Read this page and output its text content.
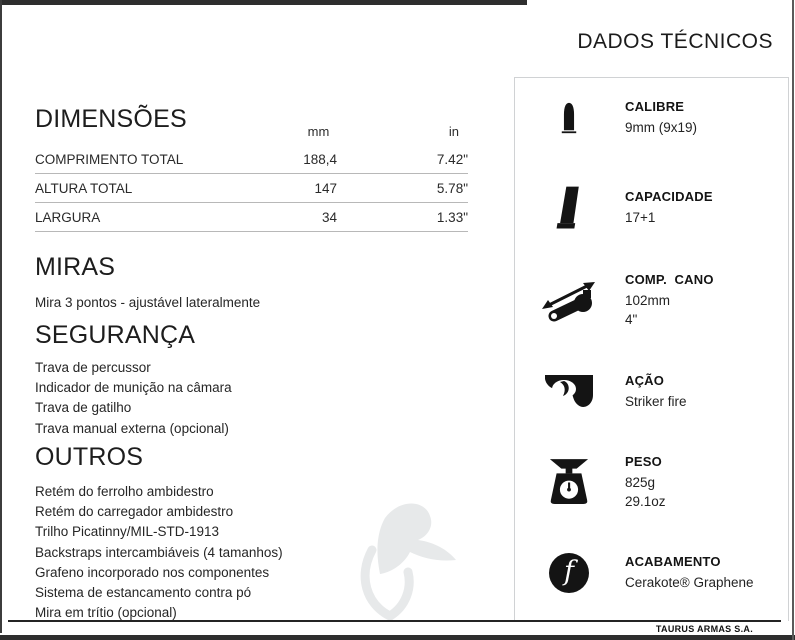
DADOS TÉCNICOS
DIMENSÕES	mm	in
COMPRIMENTO TOTAL	188,4	7.42"
ALTURA TOTAL	147	5.78"
LARGURA	34	1.33"
MIRAS
Mira 3 pontos - ajustável lateralmente
SEGURANÇA
Trava de percussor
Indicador de munição na câmara
Trava de gatilho
Trava manual externa (opcional)
OUTROS
Retém do ferrolho ambidestro
Retém do carregador ambidestro
Trilho Picatinny/MIL-STD-1913
Backstraps intercambiáveis (4 tamanhos)
Grafeno incorporado nos componentes
Sistema de estancamento contra pó
Mira em trítio (opcional)
CALIBRE
9mm (9x19)
CAPACIDADE
17+1
COMP.  CANO
102mm
4"
AÇÃO
Striker fire
PESO
825g
29.1oz
f	ACABAMENTO
Cerakote® Graphene
TAURUS ARMAS S.A.
